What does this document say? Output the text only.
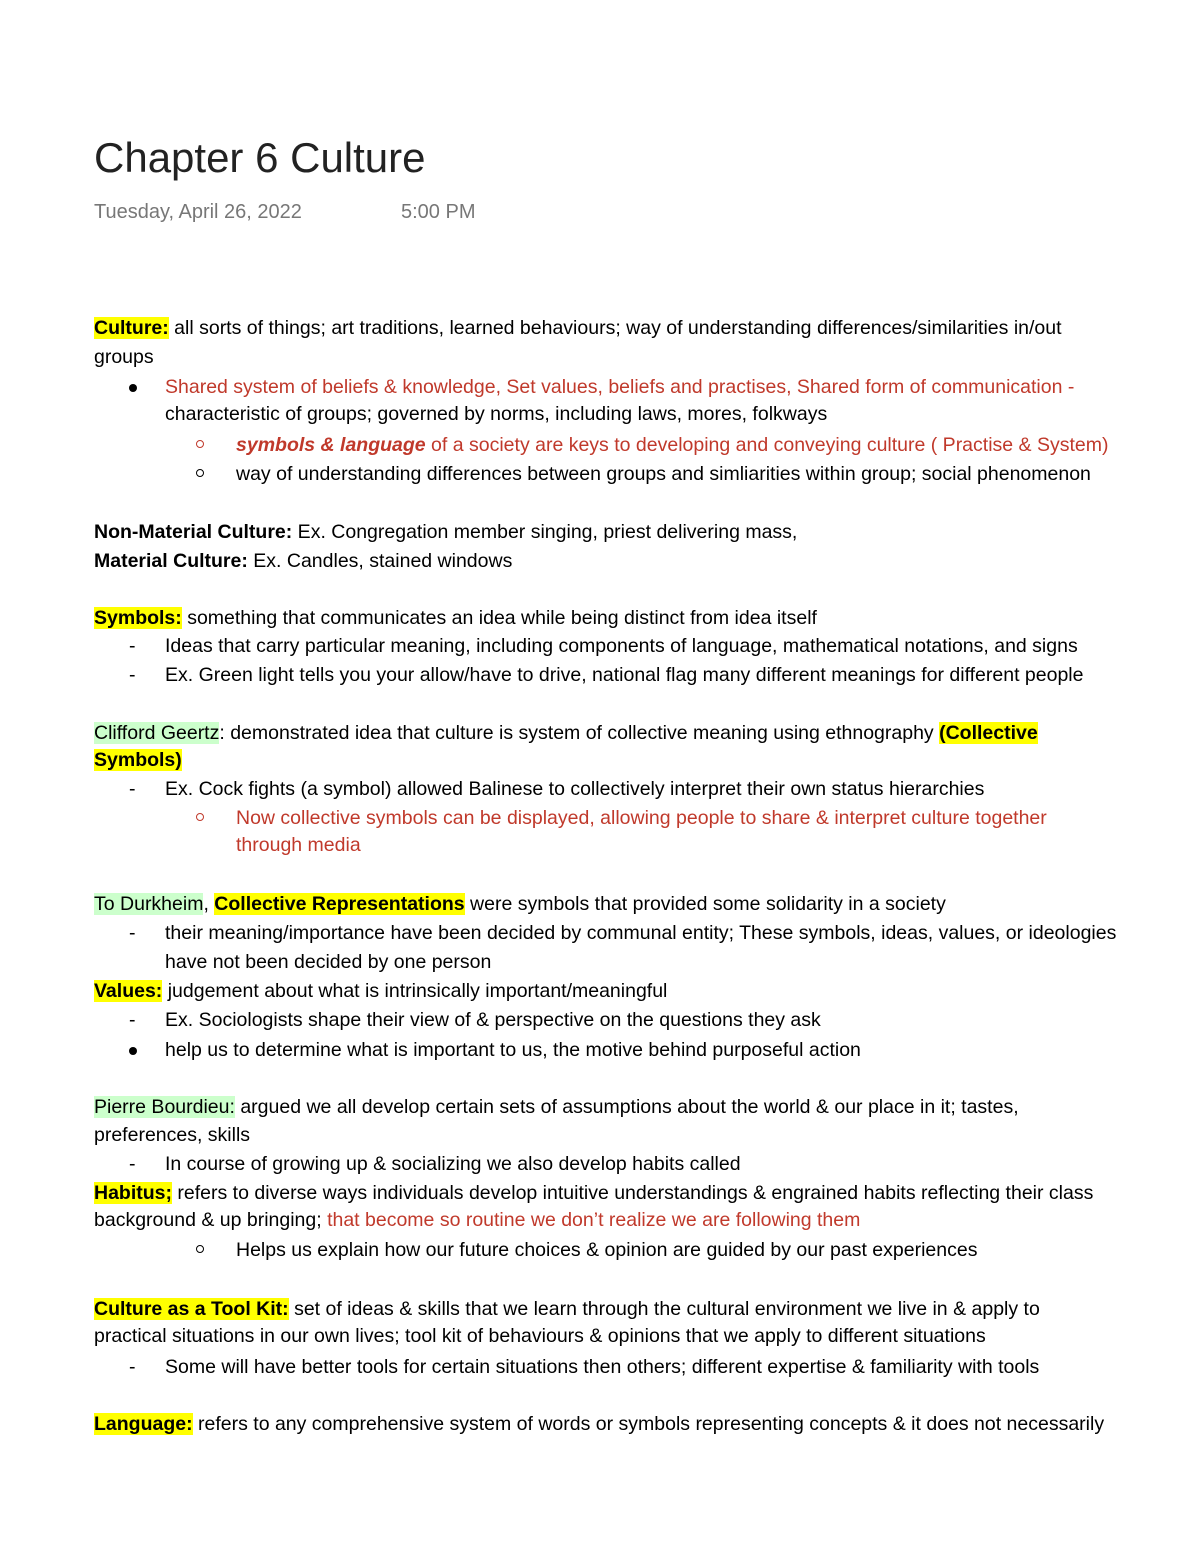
Chapter 6 Culture
Tuesday, April 26, 2022	5:00 PM
Culture: all sorts of things; art traditions, learned behaviours; way of understanding differences/similarities in/out
groups
Shared system of beliefs & knowledge, Set values, beliefs and practises, Shared form of communication -
characteristic of groups; governed by norms, including laws, mores, folkways
symbols & language of a society are keys to developing and conveying culture ( Practise & System)
way of understanding differences between groups and simliarities within group; social phenomenon
Non-Material Culture: Ex. Congregation member singing, priest delivering mass,
Material Culture: Ex. Candles, stained windows
Symbols: something that communicates an idea while being distinct from idea itself
- Ideas that carry particular meaning, including components of language, mathematical notations, and signs
- Ex. Green light tells you your allow/have to drive, national flag many different meanings for different people
Clifford Geertz: demonstrated idea that culture is system of collective meaning using ethnography (Collective
Symbols)
- Ex. Cock fights (a symbol) allowed Balinese to collectively interpret their own status hierarchies
Now collective symbols can be displayed, allowing people to share & interpret culture together
through media
To Durkheim, Collective Representations were symbols that provided some solidarity in a society
- their meaning/importance have been decided by communal entity; These symbols, ideas, values, or ideologies
have not been decided by one person
Values: judgement about what is intrinsically important/meaningful
- Ex. Sociologists shape their view of & perspective on the questions they ask
help us to determine what is important to us, the motive behind purposeful action
Pierre Bourdieu: argued we all develop certain sets of assumptions about the world & our place in it; tastes,
preferences, skills
- In course of growing up & socializing we also develop habits called
Habitus; refers to diverse ways individuals develop intuitive understandings & engrained habits reflecting their class
background & up bringing; that become so routine we don’t realize we are following them
Helps us explain how our future choices & opinion are guided by our past experiences
Culture as a Tool Kit: set of ideas & skills that we learn through the cultural environment we live in & apply to
practical situations in our own lives; tool kit of behaviours & opinions that we apply to different situations
- Some will have better tools for certain situations then others; different expertise & familiarity with tools
Language: refers to any comprehensive system of words or symbols representing concepts & it does not necessarily
